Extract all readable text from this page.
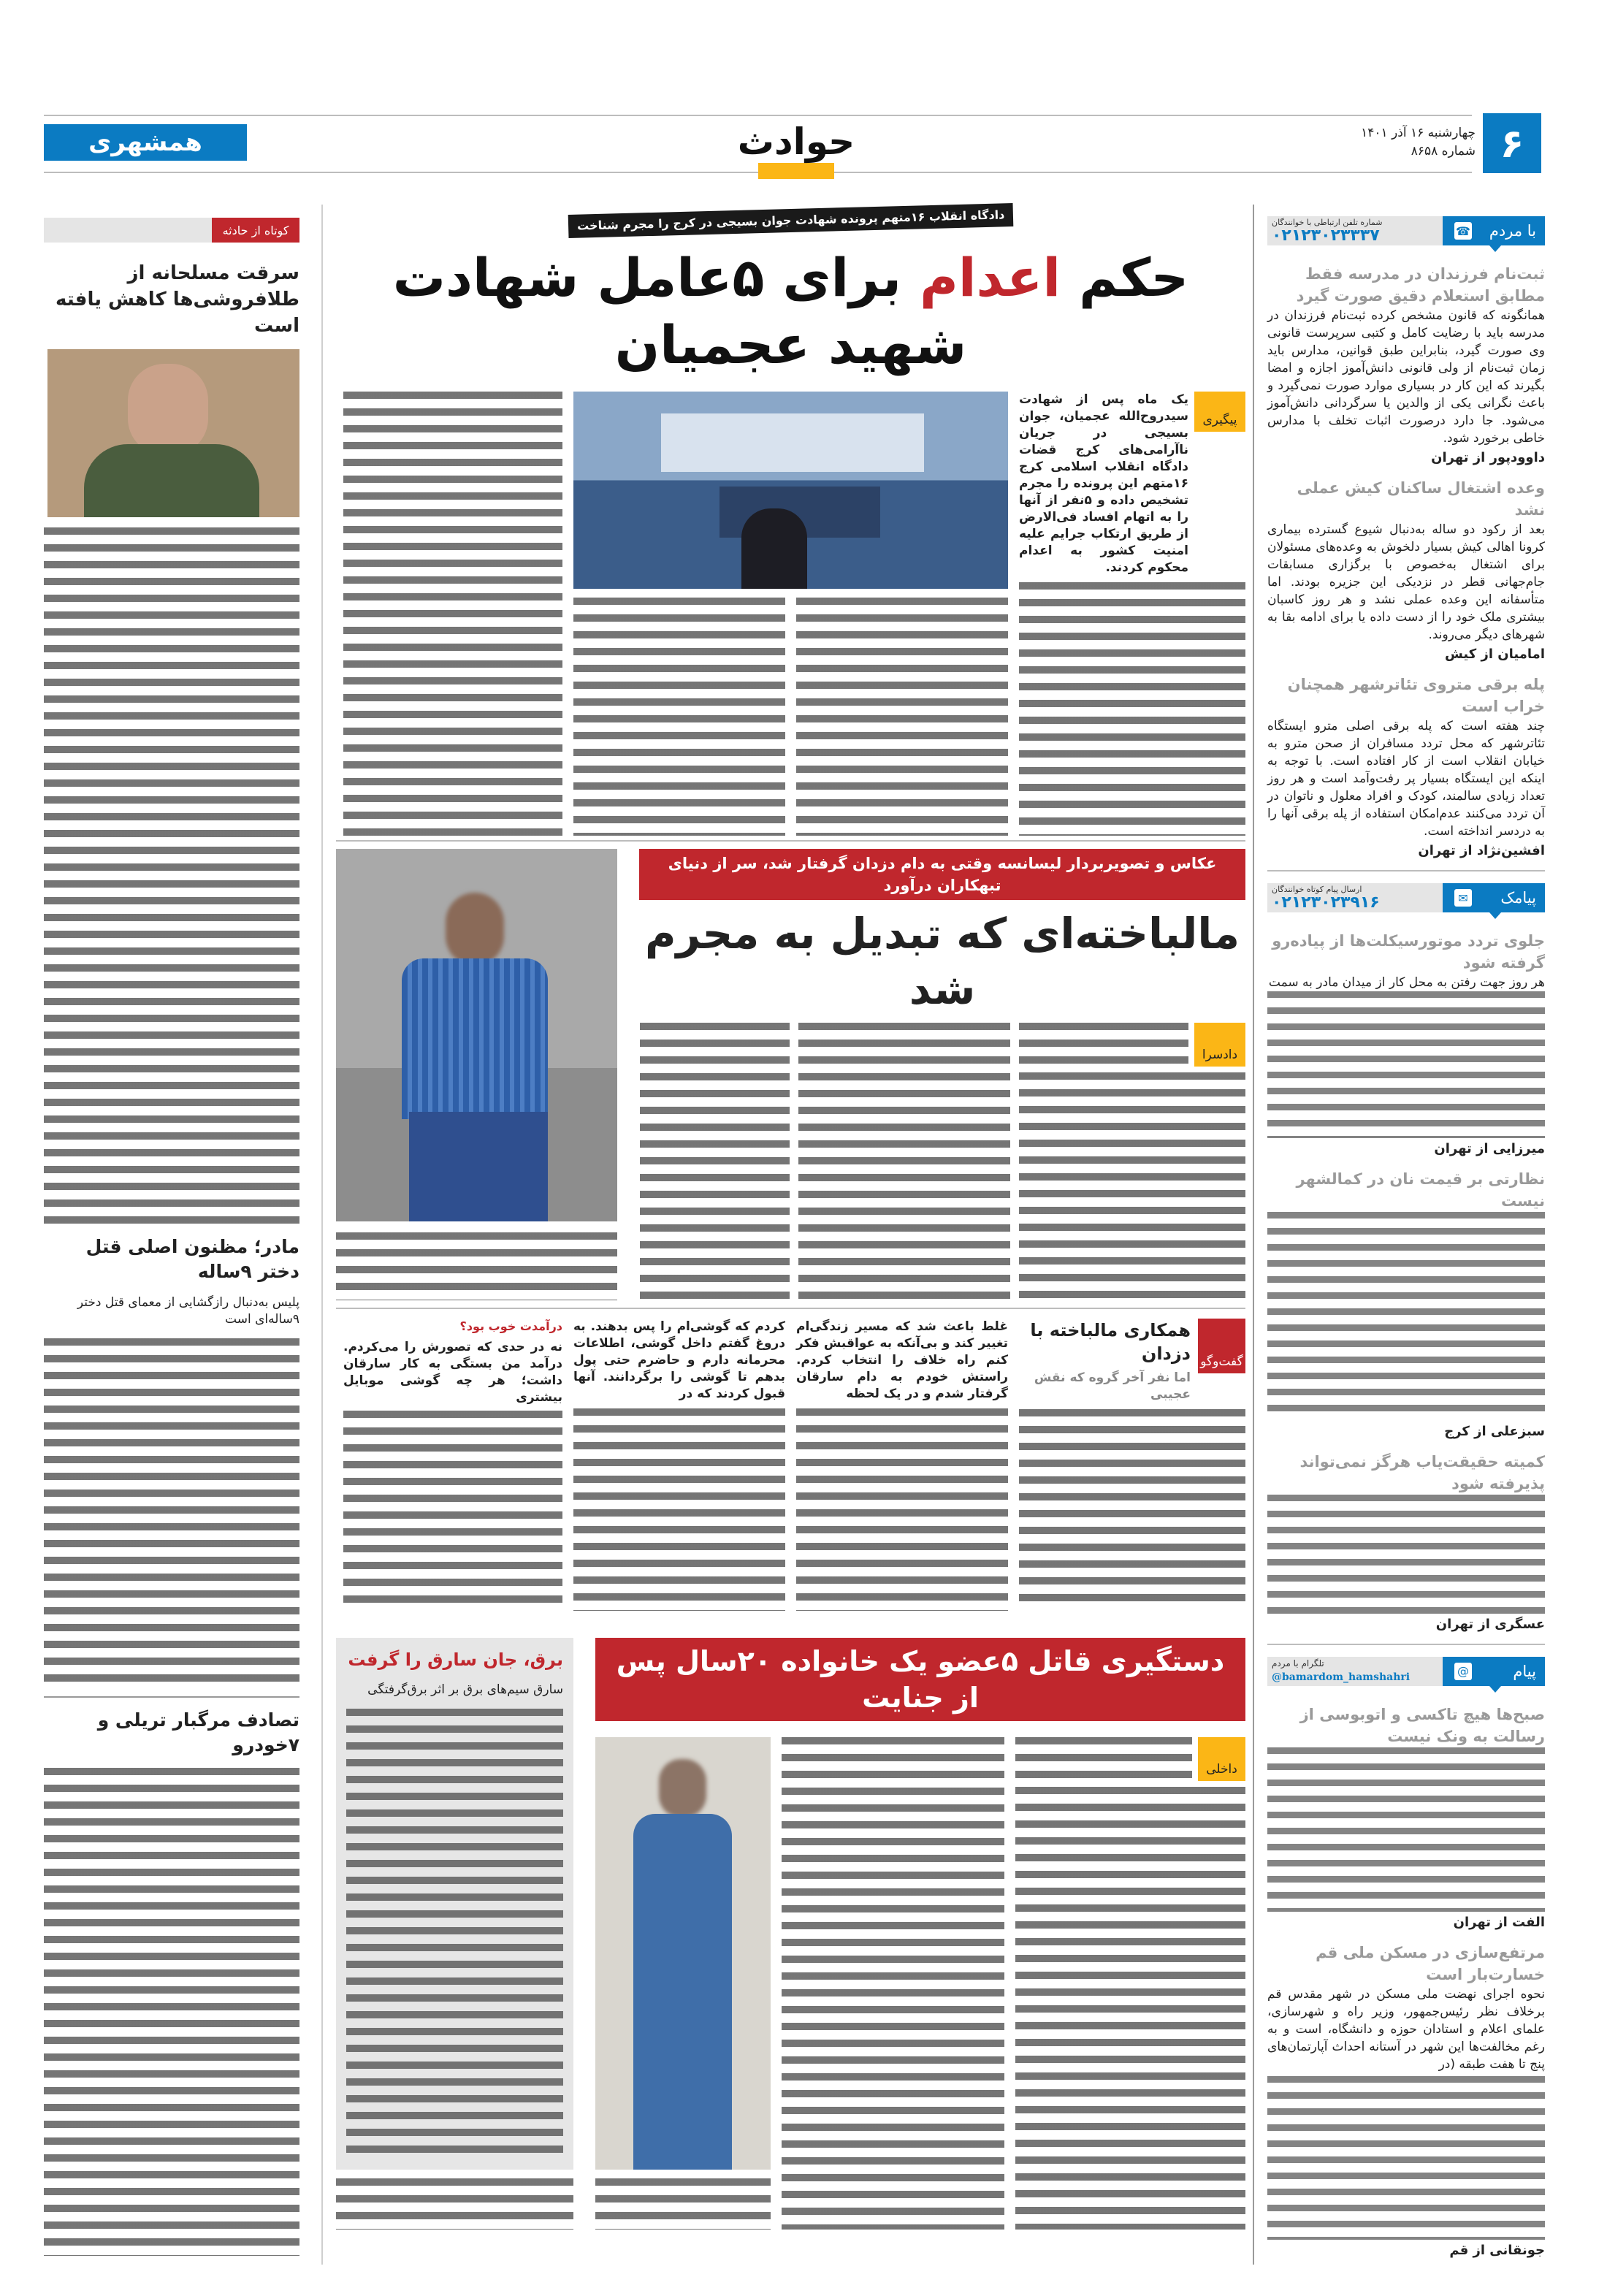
۶
چهارشنبه ۱۶ آذر ۱۴۰۱
شماره ۸۶۵۸
حوادث
همشهری
دادگاه انقلاب ۱۶متهم پرونده شهادت جوان بسیجی در کرج را مجرم شناخت
حکم اعدام برای ۵عامل شهادت شهید عجمیان
پیگیری
یک ماه پس از شهادت سیدروح‌الله عجمیان، جوان بسیجی در جریان ناآرامی‌های کرج قضات دادگاه انقلاب اسلامی کرج ۱۶متهم این پرونده را مجرم تشخیص داده و ۵نفر از آنها را به اتهام افساد فی‌الارض از طریق ارتکاب جرایم علیه امنیت کشور به اعدام محکوم کردند.
عکاس و تصویربردار لیسانسه وقتی به دام دزدان گرفتار شد، سر از دنیای تبهکاران درآورد
مالباخته‌ای که تبدیل به مجرم شد
دادسرا
گفت‌وگو
همکاری مالباخته با دزدان
اما نفر آخر گروه که نقش عجیبی
غلط باعث شد که مسیر زندگی‌ام تغییر کند و بی‌آنکه به عواقبش فکر کنم راه خلاف را انتخاب کردم. راستش خودم به دام سارقان گرفتار شدم و در یک لحظه
کردم که گوشی‌ام را پس بدهند. به دروغ گفتم داخل گوشی، اطلاعات محرمانه دارم و حاضرم حتی پول بدهم تا گوشی را برگردانند. آنها قبول کردند که در
درآمدت خوب بود؟
نه در حدی که تصورش را می‌کردم. درآمد من بستگی به کار سارقان داشت؛ هر چه گوشی موبایل بیشتری
دستگیری قاتل ۵عضو یک خانواده ۲۰سال پس از جنایت
داخلی
برق، جان سارق را گرفت
سارق سیم‌های برق بر اثر برق‌گرفتگی
کوتاه از حادثه
سرقت مسلحانه از طلافروشی‌ها کاهش یافته است
مادر؛ مظنون اصلی قتل دختر ۹ساله
پلیس به‌دنبال رازگشایی از معمای قتل دختر ۹ساله‌ای است
تصادف مرگبار تریلی و ۷خودرو
با مردم
☎
شماره تلفن ارتباطی با خوانندگان
۰۲۱۲۳۰۲۳۳۳۷
ثبت‌نام فرزندان در مدرسه فقط مطابق استعلام دقیق صورت گیرد
همانگونه که قانون مشخص کرده ثبت‌نام فرزندان در مدرسه باید با رضایت کامل و کتبی سرپرست قانونی وی صورت گیرد، بنابراین طبق قوانین، مدارس باید زمان ثبت‌نام از ولی قانونی دانش‌آموز اجازه و امضا بگیرند که این کار در بسیاری موارد صورت نمی‌گیرد و باعث نگرانی یکی از والدین یا سرگردانی دانش‌آموز می‌شود. جا دارد درصورت اثبات تخلف با مدارس خاطی برخورد شود.
داوودپور از تهران
وعده اشتغال ساکنان کیش عملی نشد
بعد از رکود دو ساله به‌دنبال شیوع گسترده بیماری کرونا اهالی کیش بسیار دلخوش به وعده‌های مسئولان برای اشتغال به‌خصوص با برگزاری مسابقات جام‌جهانی قطر در نزدیکی این جزیره بودند. اما متأسفانه این وعده عملی نشد و هر روز کاسبان بیشتری ملک خود را از دست داده یا برای ادامه بقا به شهرهای دیگر می‌روند.
امامیان از کیش
پله برقی متروی تئاترشهر همچنان خراب است
چند هفته است که پله برقی اصلی مترو ایستگاه تئاترشهر که محل تردد مسافران از صحن مترو به خیابان انقلاب است از کار افتاده است. با توجه به اینکه این ایستگاه بسیار پر رفت‌وآمد است و هر روز تعداد زیادی سالمند، کودک و افراد معلول و ناتوان در آن تردد می‌کنند عدم‌امکان استفاده از پله برقی آنها را به دردسر انداخته است.
افشین‌نژاد از تهران
پیامک
✉
ارسال پیام کوتاه خوانندگان
۰۲۱۲۳۰۲۳۹۱۶
جلوی تردد موتورسیکلت‌ها از پیاده‌رو گرفته شود
هر روز جهت رفتن به محل کار از میدان مادر به سمت
میرزایی از تهران
نظارتی بر قیمت نان در کمالشهر نیست
سبزعلی از کرج
کمیته حقیقت‌یاب هرگز نمی‌تواند پذیرفته شود
عسگری از تهران
پیام
@
تلگرام با مردم
@bamardom_hamshahri
صبح‌ها هیچ تاکسی و اتوبوسی از رسالت به ونک نیست
الفت از تهران
مرتفع‌سازی در مسکن ملی قم خسارت‌بار است
نحوه اجرای نهضت ملی مسکن در شهر مقدس قم برخلاف نظر رئیس‌جمهور، وزیر راه و شهرسازی، علمای اعلام و استادان حوزه و دانشگاه، است و به رغم مخالفت‌ها این شهر در آستانه احداث آپارتمان‌های پنج تا هفت طبقه (در
جونقانی از قم
